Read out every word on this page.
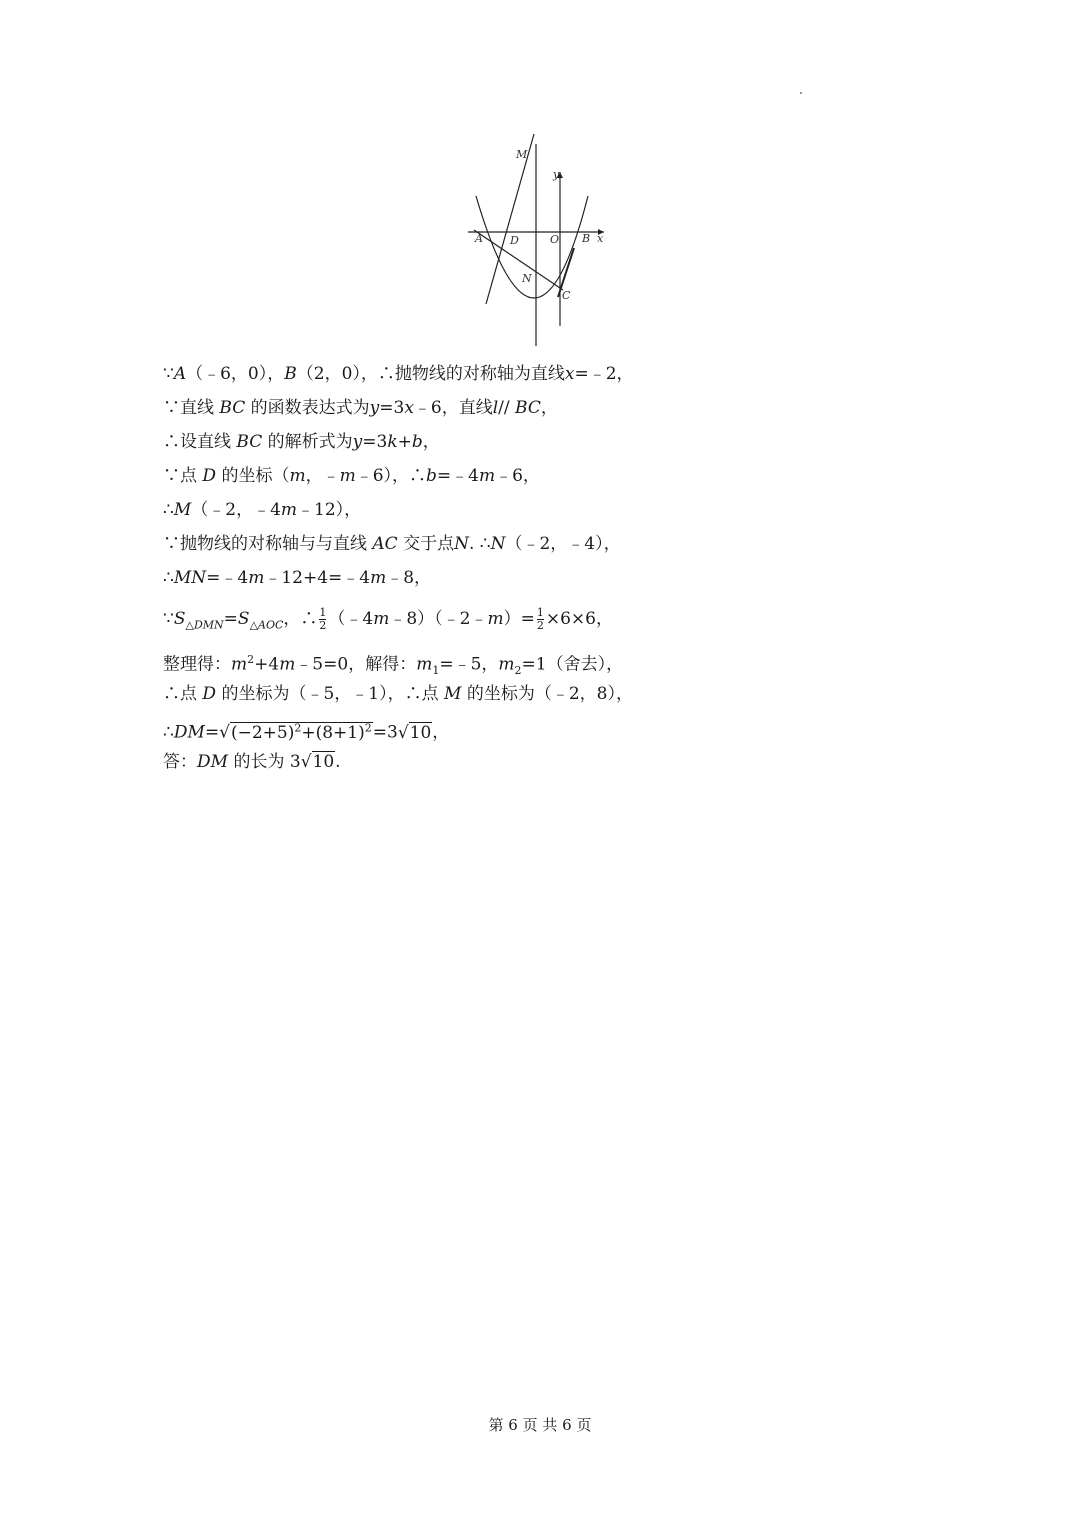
M
y
A D	O B x
N
C
∵A（﹣6，0），B（2，0），∴抛物线的对称轴为直线x=﹣2，
∵直线 BC 的函数表达式为y=3x﹣6，直线l// BC，
∴设直线 BC 的解析式为y=3k+b，
∵点 D 的坐标（m，﹣m﹣6），∴b=﹣4m﹣6，
∴M（﹣2，﹣4m﹣12），
∵抛物线的对称轴与与直线 AC 交于点N. ∴N（﹣2，﹣4），
∴MN=﹣4m﹣12+4=﹣4m﹣8，
$\because S_{\triangle DMN}=S_{\triangle AOC}$，∴ $\frac{1}{2}$ （﹣4m﹣8）（﹣2﹣m）= $\frac{1}{2} \times 6\times 6$，
整理得：$m^2+4m﹣5=0$，解得：$m_1=﹣5$，$m_2=1$（舍去），
∴点 D 的坐标为（﹣5，﹣1），∴点 M 的坐标为（﹣2，8），
$\therefore DM=√(-2+5)^2+(8+1)^2=3√10$，
答：DM 的长为 3√10.
第 6 页 共 6 页
